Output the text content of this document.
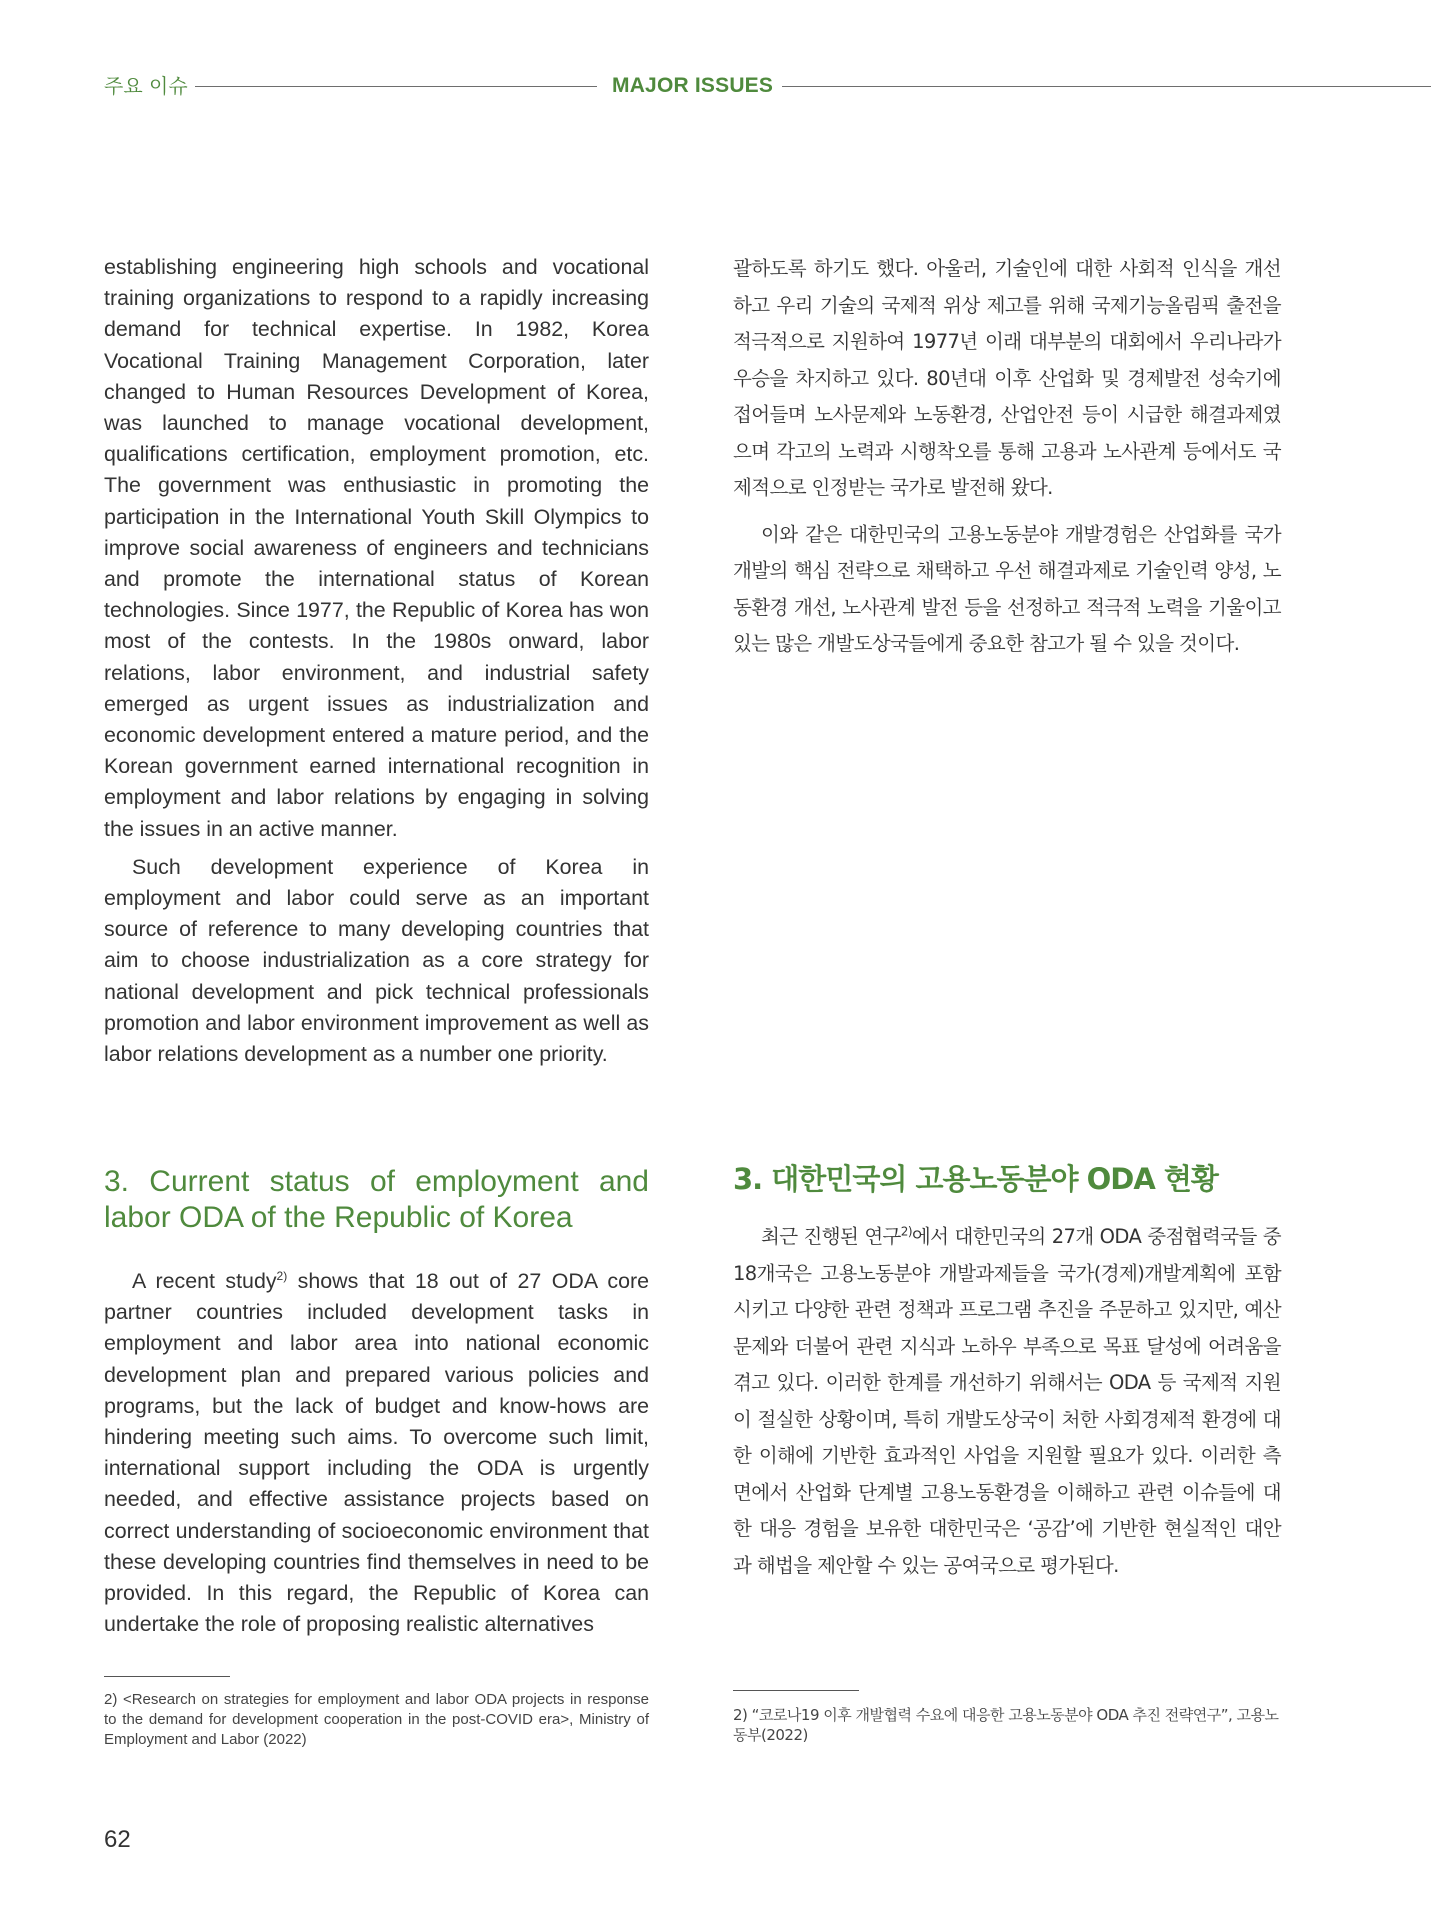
주요 이슈	MAJOR ISSUES

establishing engineering high schools and vocational training organizations to respond to a rapidly increasing demand for technical expertise. In 1982, Korea Vocational Training Management Corporation, later changed to Human Resources Development of Korea, was launched to manage vocational development, qualifications certification, employment promotion, etc. The government was enthusiastic in promoting the participation in the International Youth Skill Olympics to improve social awareness of engineers and technicians and promote the international status of Korean technologies. Since 1977, the Republic of Korea has won most of the contests. In the 1980s onward, labor relations, labor environment, and industrial safety emerged as urgent issues as industrialization and economic development entered a mature period, and the Korean government earned international recognition in employment and labor relations by engaging in solving the issues in an active manner.

Such development experience of Korea in employment and labor could serve as an important source of reference to many developing countries that aim to choose industrialization as a core strategy for national development and pick technical professionals promotion and labor environment improvement as well as labor relations development as a number one priority.

괄하도록 하기도 했다. 아울러, 기술인에 대한 사회적 인식을 개선하고 우리 기술의 국제적 위상 제고를 위해 국제기능올림픽 출전을 적극적으로 지원하여 1977년 이래 대부분의 대회에서 우리나라가 우승을 차지하고 있다. 80년대 이후 산업화 및 경제발전 성숙기에 접어들며 노사문제와 노동환경, 산업안전 등이 시급한 해결과제였으며 각고의 노력과 시행착오를 통해 고용과 노사관계 등에서도 국제적으로 인정받는 국가로 발전해 왔다.

이와 같은 대한민국의 고용노동분야 개발경험은 산업화를 국가개발의 핵심 전략으로 채택하고 우선 해결과제로 기술인력 양성, 노동환경 개선, 노사관계 발전 등을 선정하고 적극적 노력을 기울이고 있는 많은 개발도상국들에게 중요한 참고가 될 수 있을 것이다.

3. Current status of employment and labor ODA of the Republic of Korea

A recent study$^{2)}$ shows that 18 out of 27 ODA core partner countries included development tasks in employment and labor area into national economic development plan and prepared various policies and programs, but the lack of budget and know-hows are hindering meeting such aims. To overcome such limit, international support including the ODA is urgently needed, and effective assistance projects based on correct understanding of socioeconomic environment that these developing countries find themselves in need to be provided. In this regard, the Republic of Korea can undertake the role of proposing realistic alternatives

3. 대한민국의 고용노동분야 ODA 현황

최근 진행된 연구$^{2)}$에서 대한민국의 27개 ODA 중점협력국들 중 18개국은 고용노동분야 개발과제들을 국가(경제)개발계획에 포함시키고 다양한 관련 정책과 프로그램 추진을 주문하고 있지만, 예산 문제와 더불어 관련 지식과 노하우 부족으로 목표 달성에 어려움을 겪고 있다. 이러한 한계를 개선하기 위해서는 ODA 등 국제적 지원이 절실한 상황이며, 특히 개발도상국이 처한 사회경제적 환경에 대한 이해에 기반한 효과적인 사업을 지원할 필요가 있다. 이러한 측면에서 산업화 단계별 고용노동환경을 이해하고 관련 이슈들에 대한 대응 경험을 보유한 대한민국은 ‘공감’에 기반한 현실적인 대안과 해법을 제안할 수 있는 공여국으로 평가된다.

2) <Research on strategies for employment and labor ODA projects in response to the demand for development cooperation in the post-COVID era>, Ministry of Employment and Labor (2022)
2) “코로나19 이후 개발협력 수요에 대응한 고용노동분야 ODA 추진 전략연구”, 고용노동부(2022)
62
